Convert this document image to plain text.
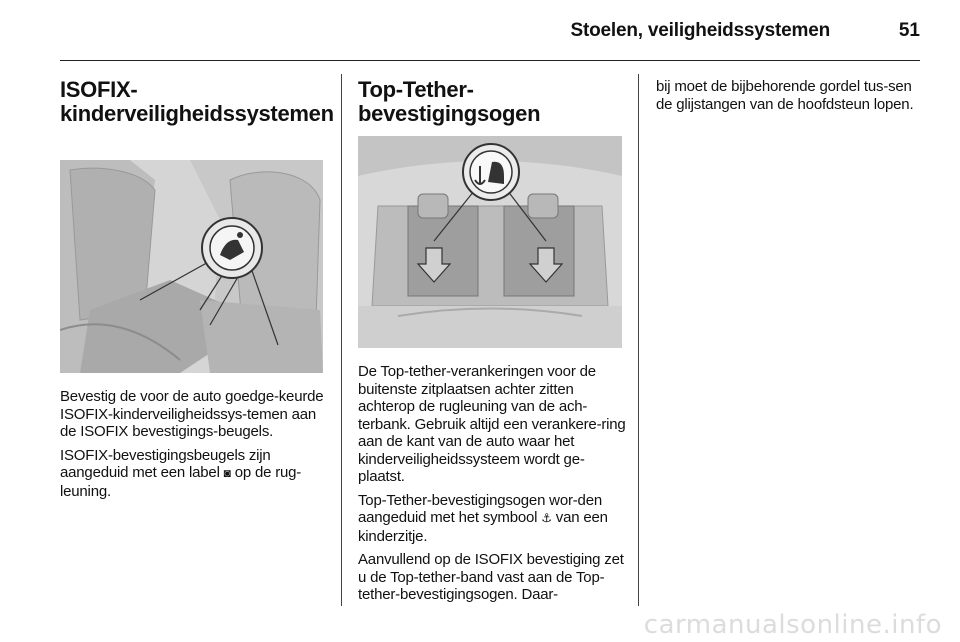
Stoelen, veiligheidssystemen	51
ISOFIX-kinderveiligheidssystemen

Bevestig de voor de auto goedge-keurde ISOFIX-kinderveiligheidssys-temen aan de ISOFIX bevestigings-beugels.

ISOFIX-bevestigingsbeugels zijn aangeduid met een label ◙ op de rug-leuning.

Top-Tether-bevestigingsogen

De Top-tether-verankeringen voor de buitenste zitplaatsen achter zitten achterop de rugleuning van de ach-terbank. Gebruik altijd een verankere-ring aan de kant van de auto waar het kinderveiligheidssysteem wordt ge-plaatst.

Top-Tether-bevestigingsogen wor-den aangeduid met het symbool ⚓ van een kinderzitje.

Aanvullend op de ISOFIX bevestiging zet u de Top-tether-band vast aan de Top-tether-bevestigingsogen. Daar-

bij moet de bijbehorende gordel tus-sen de glijstangen van de hoofdsteun lopen.

carmanualsonline.info
